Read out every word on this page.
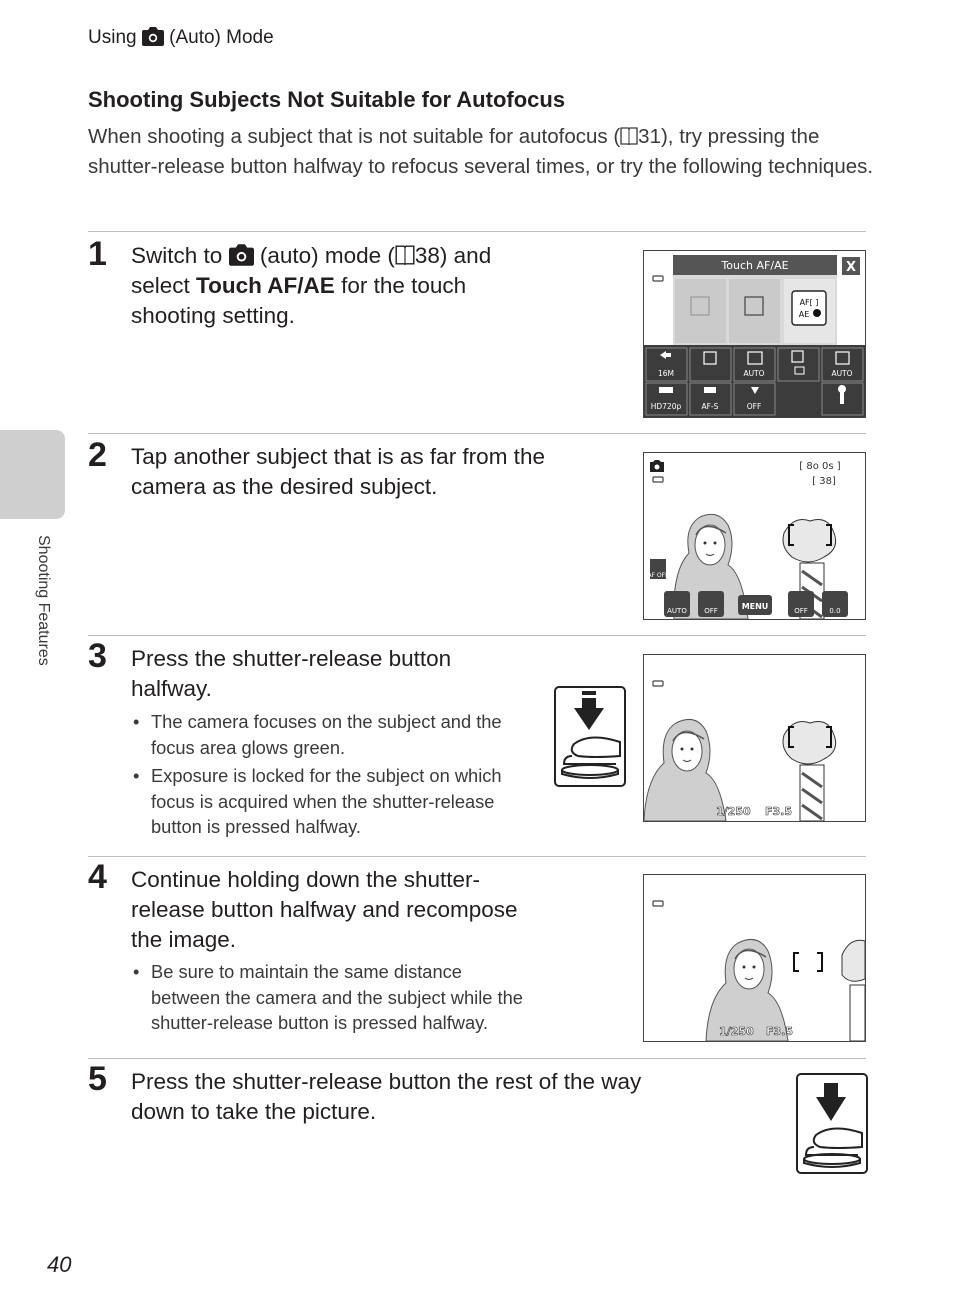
Using (Auto) Mode
Shooting Subjects Not Suitable for Autofocus
When shooting a subject that is not suitable for autofocus ( 31), try pressing the shutter-release button halfway to refocus several times, or try the following techniques.
Shooting Features
1 Switch to (auto) mode ( 38) and select Touch AF/AE for the touch shooting setting.
AF[ ]
AE
Touch AF/AE	X
16M	AUTO	AUTO
HD720p	AF-S	OFF
2 Tap another subject that is as far from the camera as the desired subject.
[ 8o 0s ]
[ 38]
AF OFF
AUTO OFF	MENU	OFF	0.0
3 Press the shutter-release button halfway.
• The camera focuses on the subject and the focus area glows green.
• Exposure is locked for the subject on which focus is acquired when the shutter-release button is pressed halfway.
1/250 F3.5
4 Continue holding down the shutter-release button halfway and recompose the image.
• Be sure to maintain the same distance between the camera and the subject while the shutter-release button is pressed halfway.	1/250 F3.5
5 Press the shutter-release button the rest of the way down to take the picture.
40
